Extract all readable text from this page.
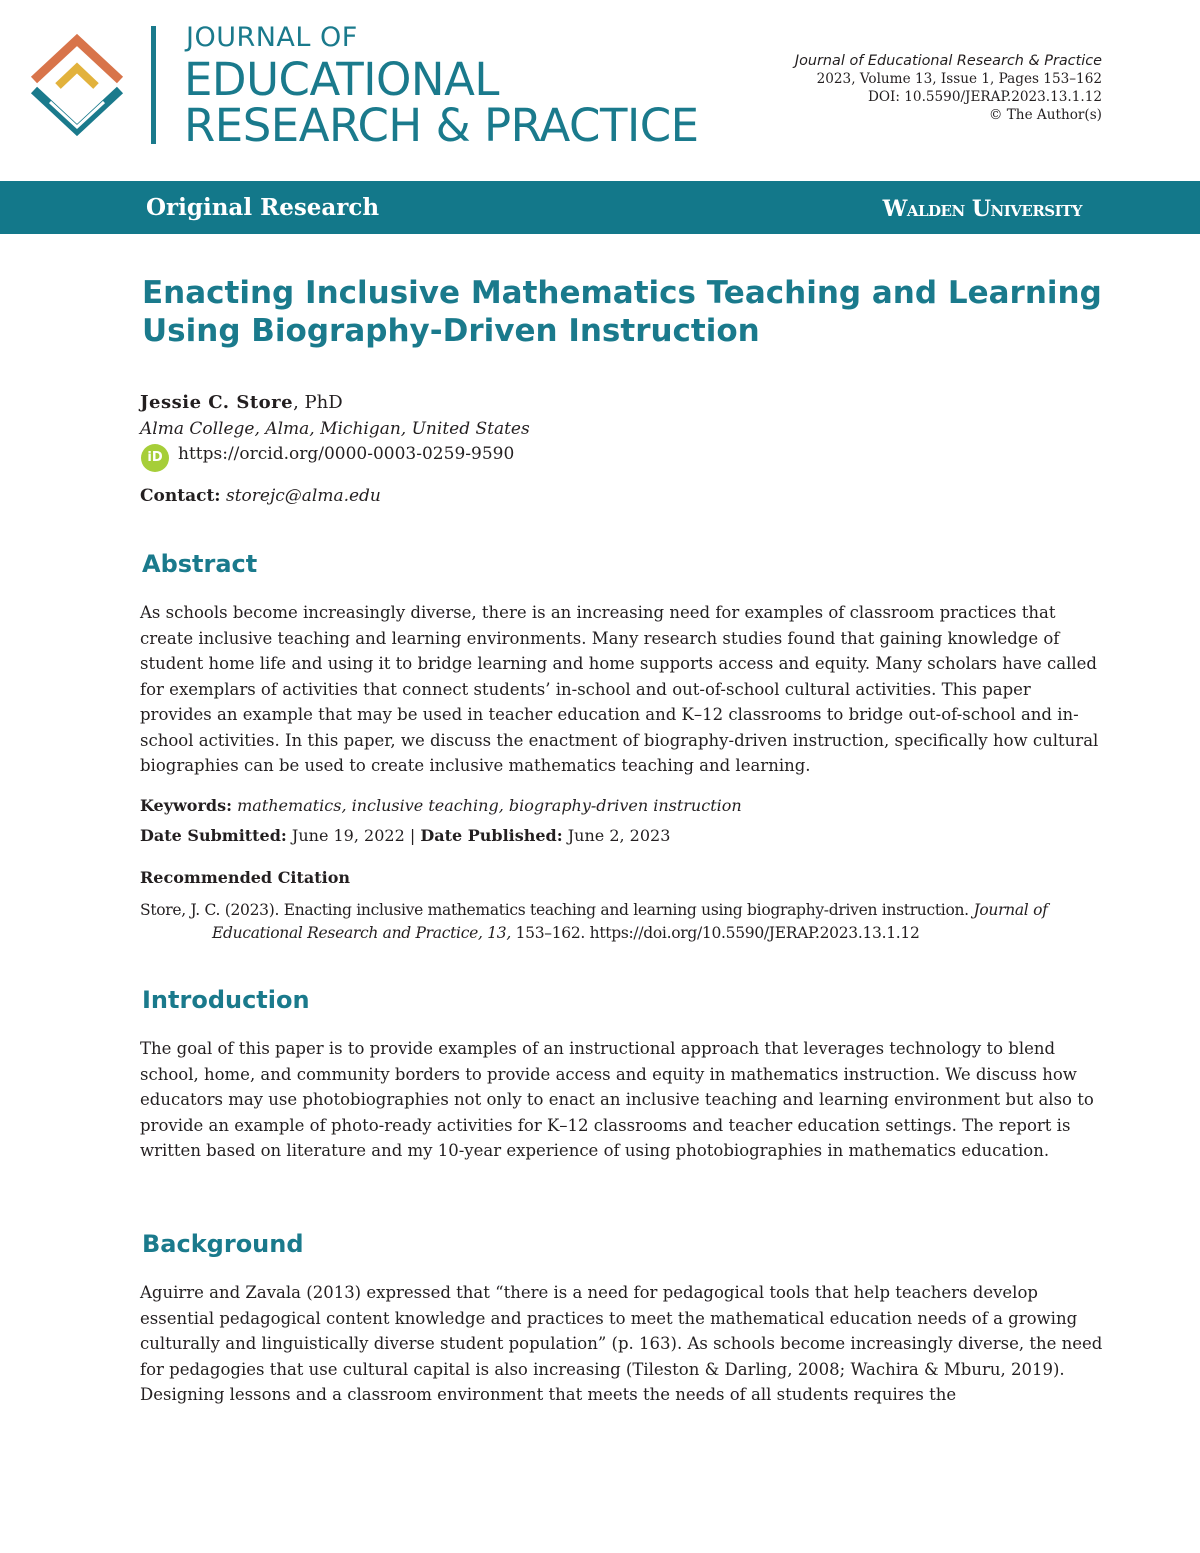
JOURNAL OF
EDUCATIONAL
RESEARCH & PRACTICE
Journal of Educational Research & Practice
2023, Volume 13, Issue 1, Pages 153–162
DOI: 10.5590/JERAP.2023.13.1.12
© The Author(s)
Original Research	Walden University
Enacting Inclusive Mathematics Teaching and Learning Using Biography-Driven Instruction
Jessie C. Store, PhD
Alma College, Alma, Michigan, United States
iD https://orcid.org/0000-0003-0259-9590
Contact: storejc@alma.edu
Abstract
As schools become increasingly diverse, there is an increasing need for examples of classroom practices that create inclusive teaching and learning environments. Many research studies found that gaining knowledge of student home life and using it to bridge learning and home supports access and equity. Many scholars have called for exemplars of activities that connect students’ in-school and out-of-school cultural activities. This paper provides an example that may be used in teacher education and K–12 classrooms to bridge out-of-school and in-school activities. In this paper, we discuss the enactment of biography-driven instruction, specifically how cultural biographies can be used to create inclusive mathematics teaching and learning.
Keywords: mathematics, inclusive teaching, biography-driven instruction
Date Submitted: June 19, 2022 | Date Published: June 2, 2023
Recommended Citation
Store, J. C. (2023). Enacting inclusive mathematics teaching and learning using biography-driven instruction. Journal of
Educational Research and Practice, 13, 153–162. https://doi.org/10.5590/JERAP.2023.13.1.12
Introduction
The goal of this paper is to provide examples of an instructional approach that leverages technology to blend school, home, and community borders to provide access and equity in mathematics instruction. We discuss how educators may use photobiographies not only to enact an inclusive teaching and learning environment but also to provide an example of photo-ready activities for K–12 classrooms and teacher education settings. The report is written based on literature and my 10-year experience of using photobiographies in mathematics education.
Background
Aguirre and Zavala (2013) expressed that “there is a need for pedagogical tools that help teachers develop essential pedagogical content knowledge and practices to meet the mathematical education needs of a growing culturally and linguistically diverse student population” (p. 163). As schools become increasingly diverse, the need for pedagogies that use cultural capital is also increasing (Tileston & Darling, 2008; Wachira & Mburu, 2019). Designing lessons and a classroom environment that meets the needs of all students requires the
